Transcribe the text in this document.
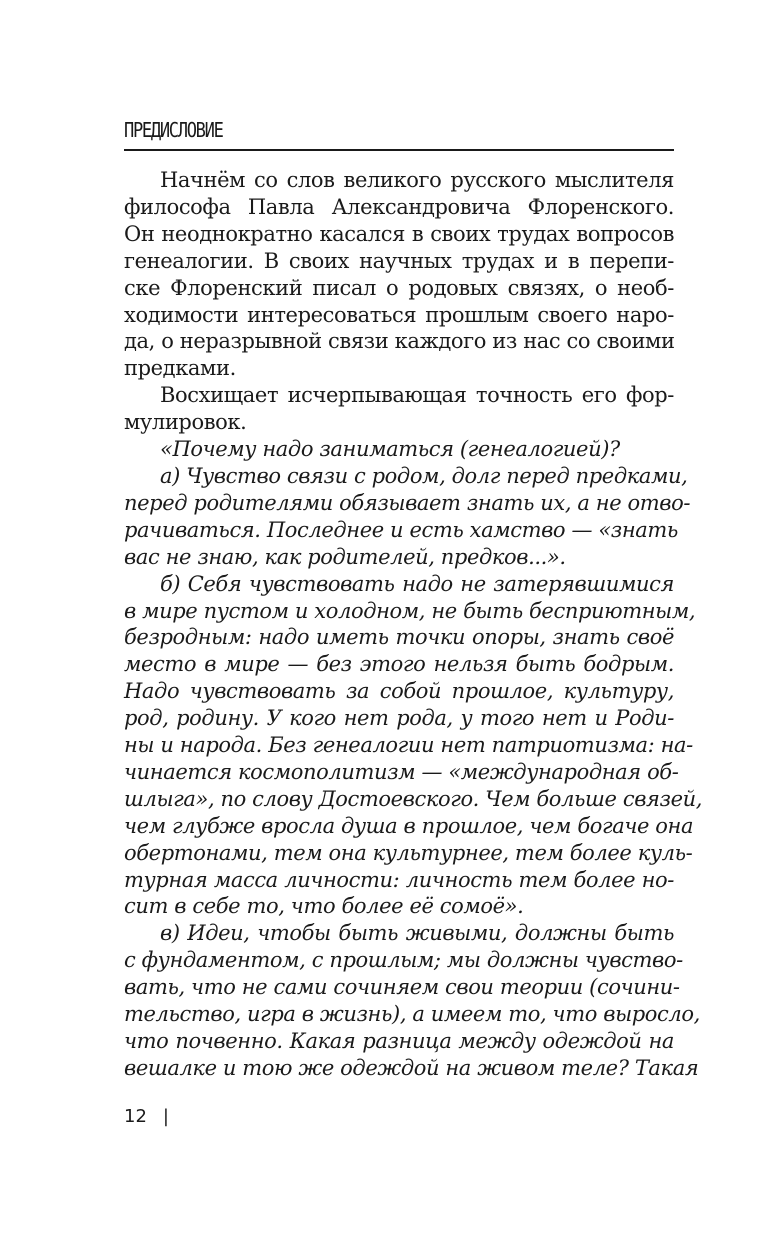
ПРЕДИСЛОВИЕ

Начнём со слов великого русского мыслителя
философа Павла Александровича Флоренского.
Он неоднократно касался в своих трудах вопросов
генеалогии. В своих научных трудах и в перепи-
ске Флоренский писал о родовых связях, о необ-
ходимости интересоваться прошлым своего наро-
да, о неразрывной связи каждого из нас со своими
предками.

Восхищает исчерпывающая точность его фор-
мулировок.

«Почему надо заниматься (генеалогией)?

а) Чувство связи с родом, долг перед предками,
перед родителями обязывает знать их, а не отво-
рачиваться. Последнее и есть хамство — «знать
вас не знаю, как родителей, предков...».

б) Себя чувствовать надо не затерявшимися
в мире пустом и холодном, не быть бесприютным,
безродным: надо иметь точки опоры, знать своё
место в мире — без этого нельзя быть бодрым.
Надо чувствовать за собой прошлое, культуру,
род, родину. У кого нет рода, у того нет и Роди-
ны и народа. Без генеалогии нет патриотизма: на-
чинается космополитизм — «международная об-
шлыга», по слову Достоевского. Чем больше связей,
чем глубже вросла душа в прошлое, чем богаче она
обертонами, тем она культурнее, тем более куль-
турная масса личности: личность тем более но-
сит в себе то, что более её сомоё».

в) Идеи, чтобы быть живыми, должны быть
с фундаментом, с прошлым; мы должны чувство-
вать, что не сами сочиняем свои теории (сочини-
тельство, игра в жизнь), а имеем то, что выросло,
что почвенно. Какая разница между одеждой на
вешалке и тою же одеждой на живом теле? Такая

12 |
